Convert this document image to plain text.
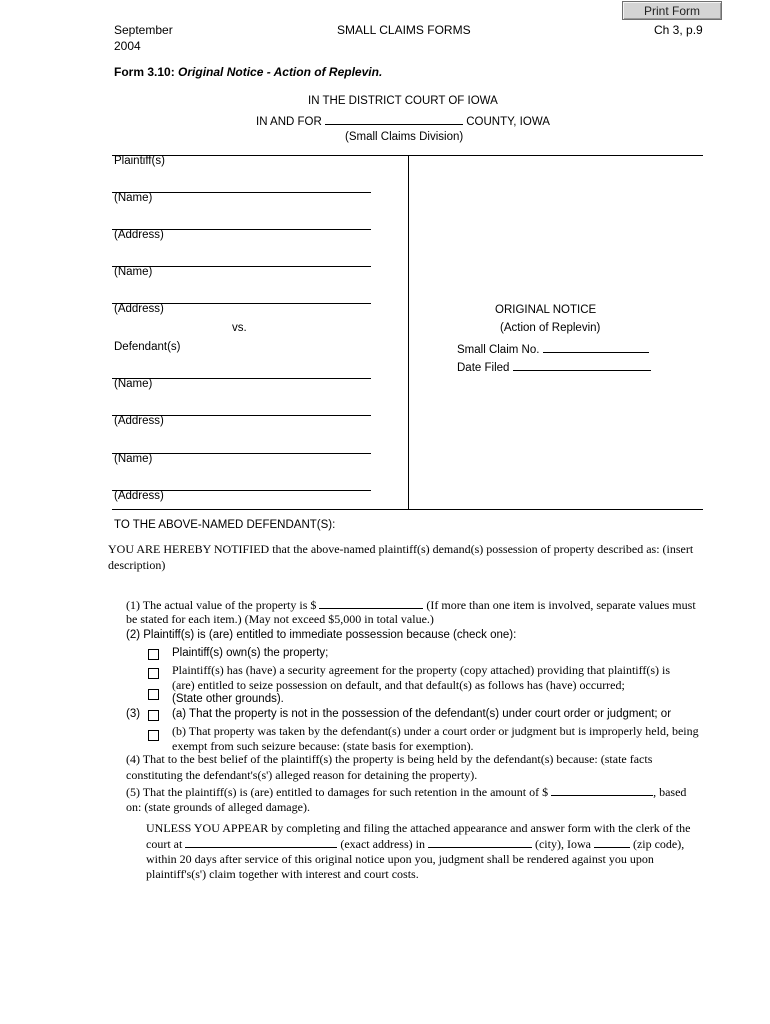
September
2004
SMALL CLAIMS FORMS	Ch 3, p.9
Print Form
Form 3.10: Original Notice - Action of Replevin.
IN THE DISTRICT COURT OF IOWA
IN AND FOR	COUNTY, IOWA
(Small Claims Division)
Plaintiff(s)
(Name)
(Address)
(Name)
(Address)
vs.
Defendant(s)
(Name)
(Address)
(Name)
(Address)
ORIGINAL NOTICE
(Action of Replevin)
Small Claim No.
Date Filed
TO THE ABOVE-NAMED DEFENDANT(S):
YOU ARE HEREBY NOTIFIED that the above-named plaintiff(s) demand(s) possession of property described as: (insert
description)
(1) The actual value of the property is $	(If more than one item is involved, separate values must
be stated for each item.) (May not exceed $5,000 in total value.)
(2) Plaintiff(s) is (are) entitled to immediate possession because (check one):
Plaintiff(s) own(s) the property;
Plaintiff(s) has (have) a security agreement for the property (copy attached) providing that plaintiff(s) is
(are) entitled to seize possession on default, and that default(s) as follows has (have) occurred;
(State other grounds).
(3)	(a) That the property is not in the possession of the defendant(s) under court order or judgment; or
(b) That property was taken by the defendant(s) under a court order or judgment but is improperly held, being
exempt from such seizure because: (state basis for exemption).
(4) That to the best belief of the plaintiff(s) the property is being held by the defendant(s) because: (state facts
constituting the defendant's(s') alleged reason for detaining the property).
(5) That the plaintiff(s) is (are) entitled to damages for such retention in the amount of $	, based
on: (state grounds of alleged damage).
UNLESS YOU APPEAR by completing and filing the attached appearance and answer form with the clerk of the
court at	(exact address) in	(city), Iowa	(zip code),
within 20 days after service of this original notice upon you, judgment shall be rendered against you upon
plaintiff's(s') claim together with interest and court costs.
